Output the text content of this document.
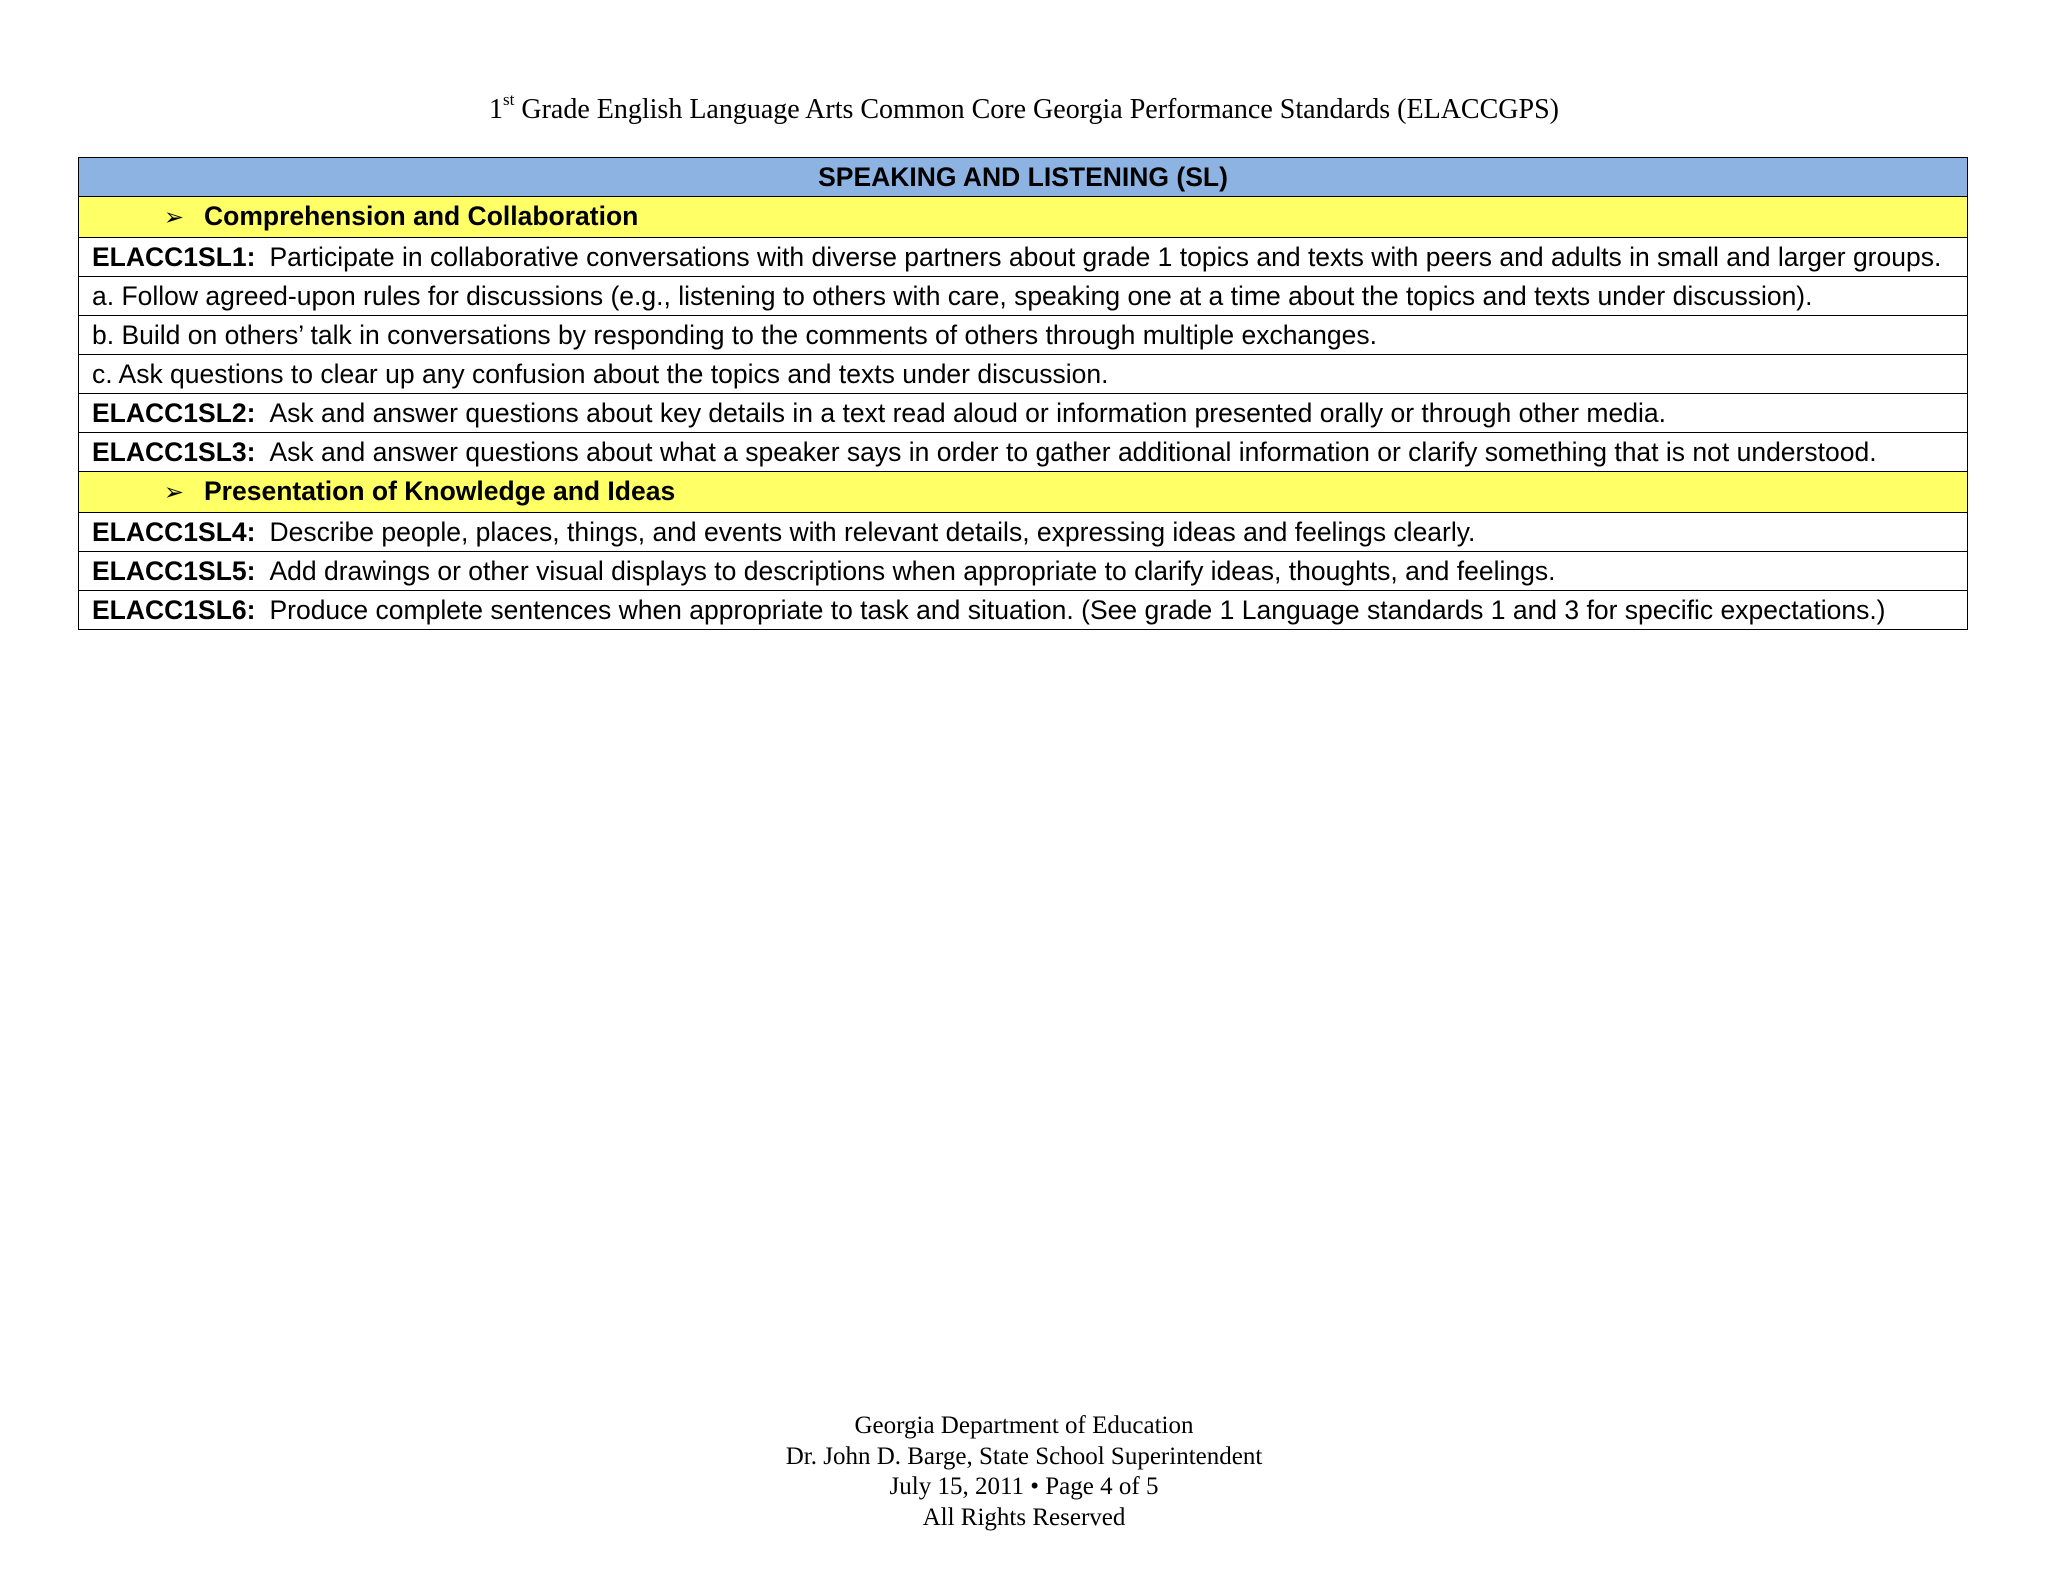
1st Grade English Language Arts Common Core Georgia Performance Standards (ELACCGPS)
SPEAKING AND LISTENING (SL)
➢ Comprehension and Collaboration
ELACC1SL1: Participate in collaborative conversations with diverse partners about grade 1 topics and texts with peers and adults in small and larger groups.
a. Follow agreed-upon rules for discussions (e.g., listening to others with care, speaking one at a time about the topics and texts under discussion).
b. Build on others’ talk in conversations by responding to the comments of others through multiple exchanges.
c. Ask questions to clear up any confusion about the topics and texts under discussion.
ELACC1SL2: Ask and answer questions about key details in a text read aloud or information presented orally or through other media.
ELACC1SL3: Ask and answer questions about what a speaker says in order to gather additional information or clarify something that is not understood.
➢ Presentation of Knowledge and Ideas
ELACC1SL4: Describe people, places, things, and events with relevant details, expressing ideas and feelings clearly.
ELACC1SL5: Add drawings or other visual displays to descriptions when appropriate to clarify ideas, thoughts, and feelings.
ELACC1SL6: Produce complete sentences when appropriate to task and situation. (See grade 1 Language standards 1 and 3 for specific expectations.)
Georgia Department of Education
Dr. John D. Barge, State School Superintendent
July 15, 2011 • Page 4 of 5
All Rights Reserved
